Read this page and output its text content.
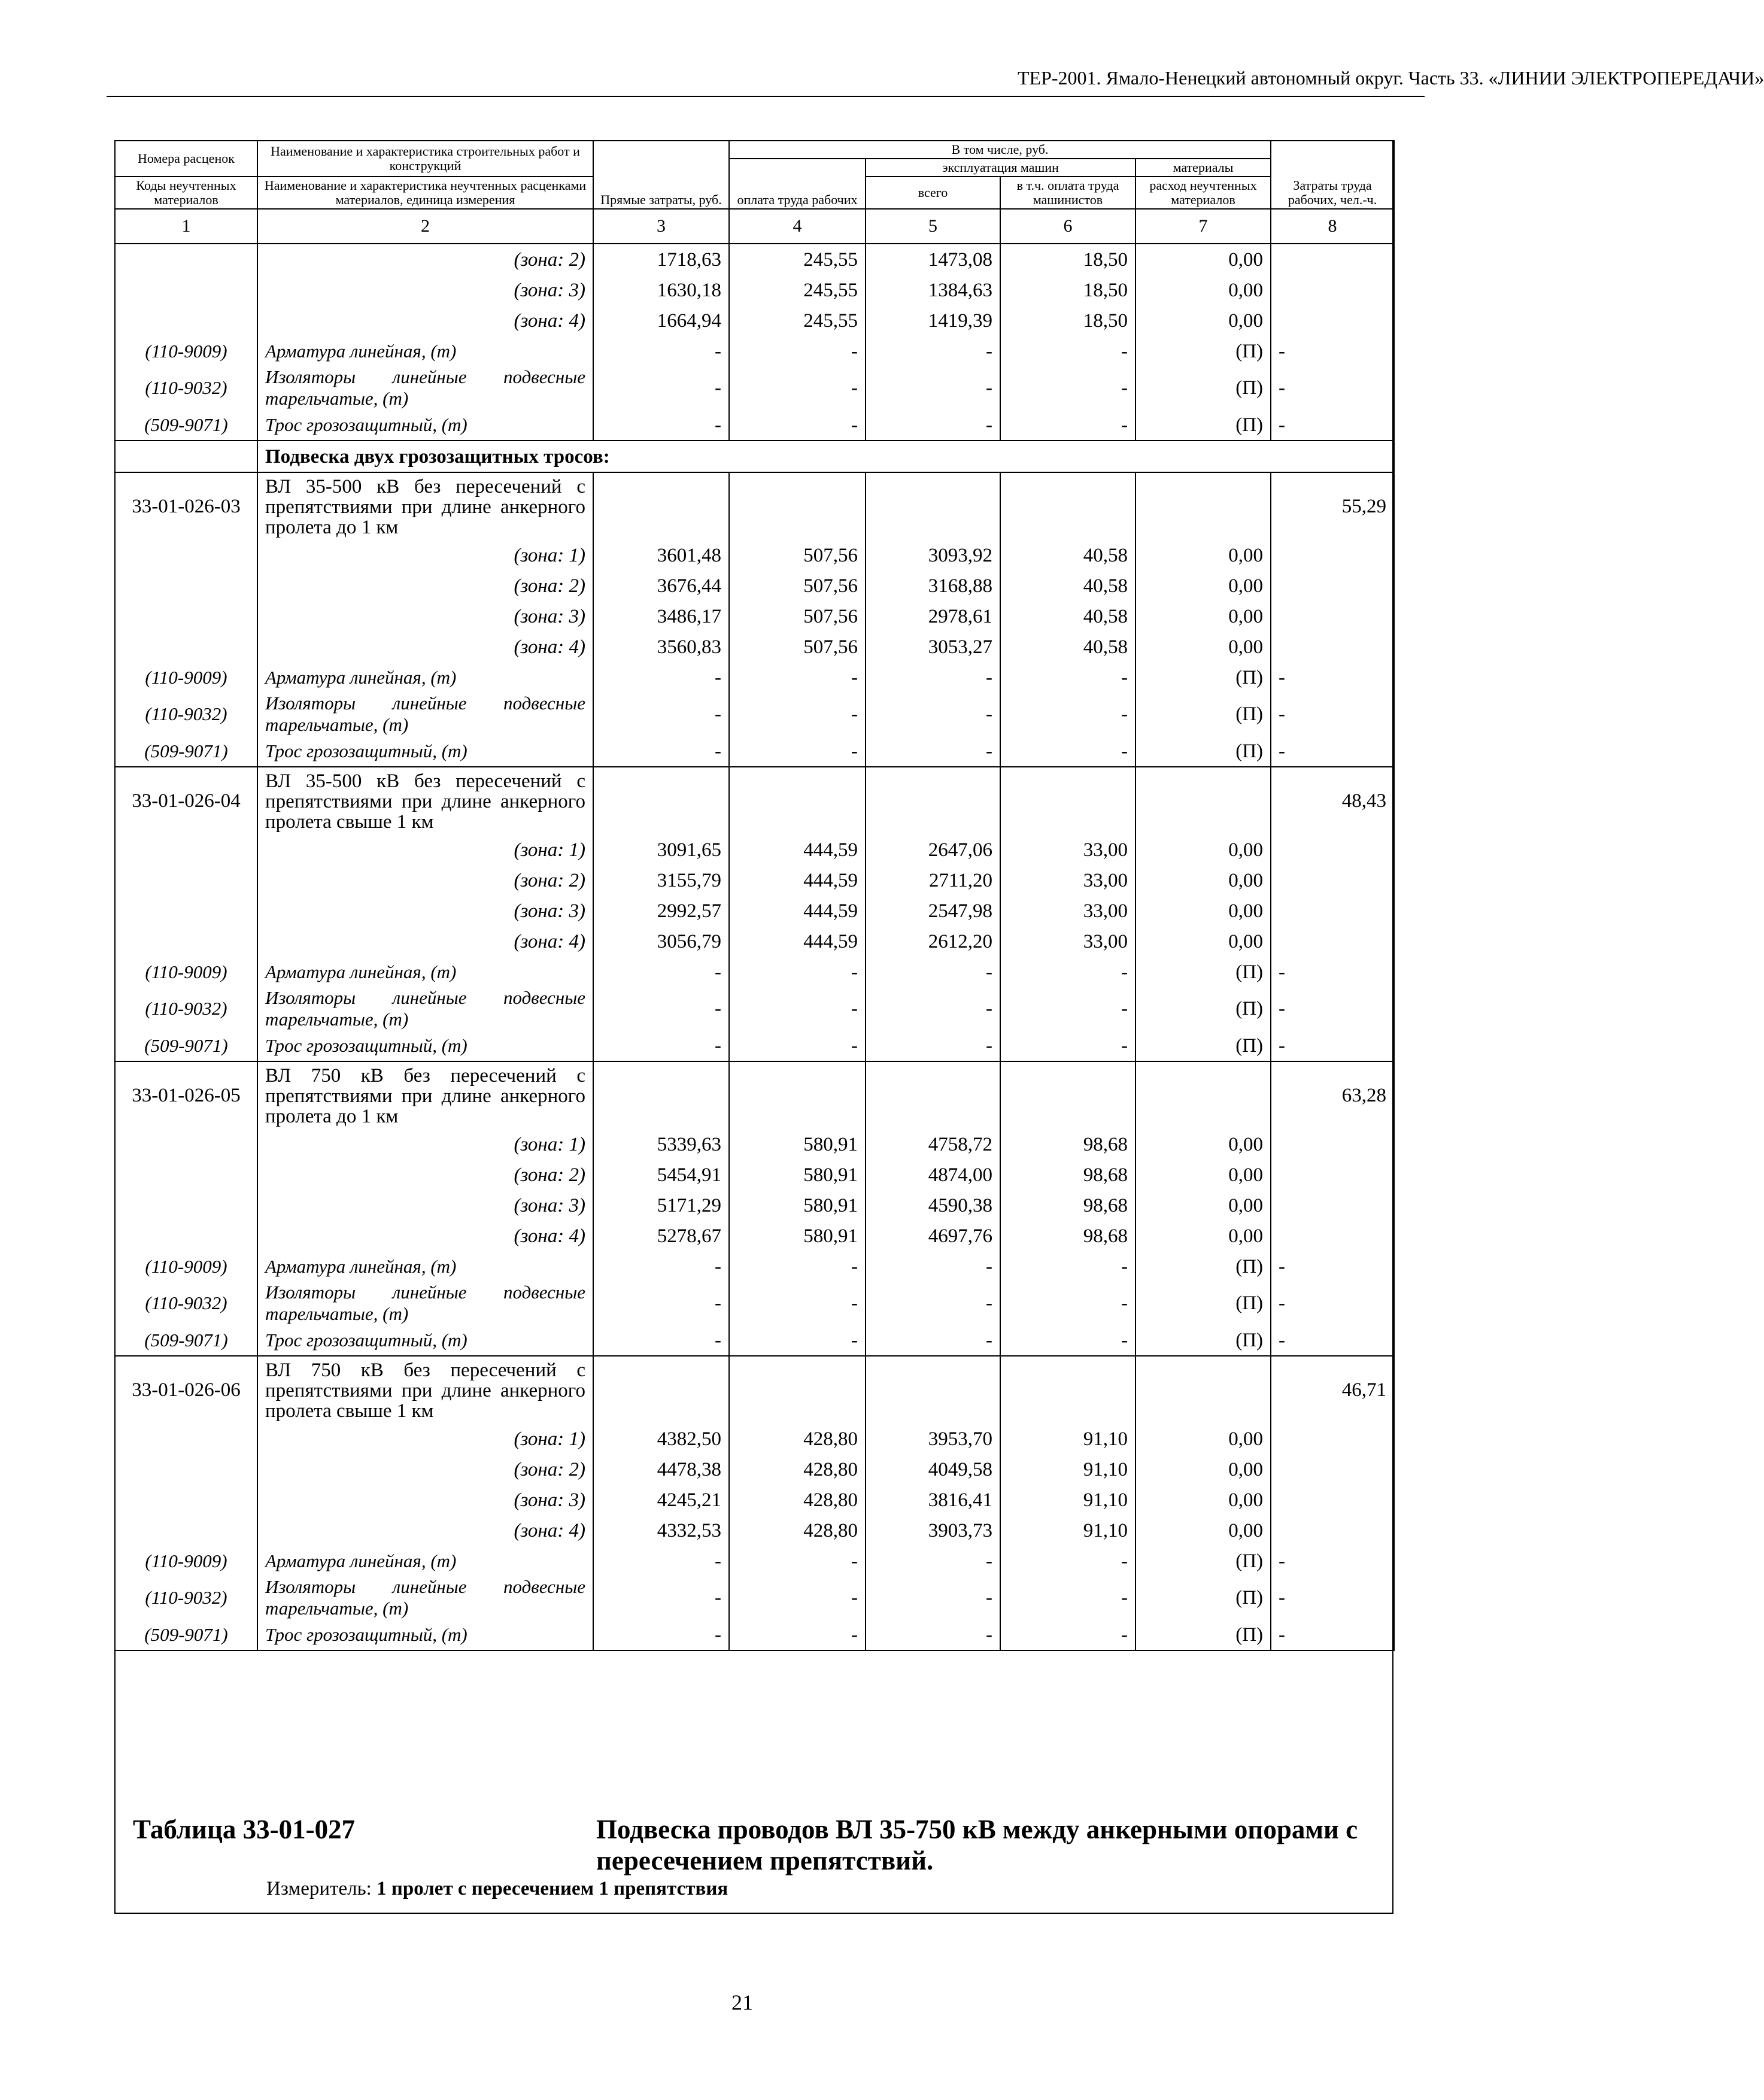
ТЕР-2001. Ямало-Ненецкий автономный округ. Часть 33. «ЛИНИИ ЭЛЕКТРОПЕРЕДАЧИ»
Номера расценок	Наименование и характеристика строительных работ и конструкций	Прямые затраты, руб.	В том числе, руб.				Затраты труда рабочих, чел.-ч.
			оплата труда рабочих	эксплуатация машин		материалы	
Коды неучтенных материалов	Наименование и характеристика неучтенных расценками материалов, единица измерения			всего	в т.ч. оплата труда машинистов	расход неучтенных материалов	
1	2	3	4	5	6	7	8
	(зона: 2)	1718,63	245,55	1473,08	18,50	0,00	
	(зона: 3)	1630,18	245,55	1384,63	18,50	0,00	
	(зона: 4)	1664,94	245,55	1419,39	18,50	0,00	
(110-9009)	Арматура линейная, (т)	-	-	-	-	(П)	-
(110-9032)	Изоляторы линейные подвесные тарельчатые, (т)	-	-	-	-	(П)	-
(509-9071)	Трос грозозащитный, (т)	-	-	-	-	(П)	-
	Подвеска двух грозозащитных тросов:						
33-01-026-03	ВЛ 35-500 кВ без пересечений с препятствиями при длине анкерного пролета до 1 км						55,29
	(зона: 1)	3601,48	507,56	3093,92	40,58	0,00	
	(зона: 2)	3676,44	507,56	3168,88	40,58	0,00	
	(зона: 3)	3486,17	507,56	2978,61	40,58	0,00	
	(зона: 4)	3560,83	507,56	3053,27	40,58	0,00	
(110-9009)	Арматура линейная, (т)	-	-	-	-	(П)	-
(110-9032)	Изоляторы линейные подвесные тарельчатые, (т)	-	-	-	-	(П)	-
(509-9071)	Трос грозозащитный, (т)	-	-	-	-	(П)	-
33-01-026-04	ВЛ 35-500 кВ без пересечений с препятствиями при длине анкерного пролета свыше 1 км						48,43
	(зона: 1)	3091,65	444,59	2647,06	33,00	0,00	
	(зона: 2)	3155,79	444,59	2711,20	33,00	0,00	
	(зона: 3)	2992,57	444,59	2547,98	33,00	0,00	
	(зона: 4)	3056,79	444,59	2612,20	33,00	0,00	
(110-9009)	Арматура линейная, (т)	-	-	-	-	(П)	-
(110-9032)	Изоляторы линейные подвесные тарельчатые, (т)	-	-	-	-	(П)	-
(509-9071)	Трос грозозащитный, (т)	-	-	-	-	(П)	-
33-01-026-05	ВЛ 750 кВ без пересечений с препятствиями при длине анкерного пролета до 1 км						63,28
	(зона: 1)	5339,63	580,91	4758,72	98,68	0,00	
	(зона: 2)	5454,91	580,91	4874,00	98,68	0,00	
	(зона: 3)	5171,29	580,91	4590,38	98,68	0,00	
	(зона: 4)	5278,67	580,91	4697,76	98,68	0,00	
(110-9009)	Арматура линейная, (т)	-	-	-	-	(П)	-
(110-9032)	Изоляторы линейные подвесные тарельчатые, (т)	-	-	-	-	(П)	-
(509-9071)	Трос грозозащитный, (т)	-	-	-	-	(П)	-
33-01-026-06	ВЛ 750 кВ без пересечений с препятствиями при длине анкерного пролета свыше 1 км						46,71
	(зона: 1)	4382,50	428,80	3953,70	91,10	0,00	
	(зона: 2)	4478,38	428,80	4049,58	91,10	0,00	
	(зона: 3)	4245,21	428,80	3816,41	91,10	0,00	
	(зона: 4)	4332,53	428,80	3903,73	91,10	0,00	
(110-9009)	Арматура линейная, (т)	-	-	-	-	(П)	-
(110-9032)	Изоляторы линейные подвесные тарельчатые, (т)	-	-	-	-	(П)	-
(509-9071)	Трос грозозащитный, (т)	-	-	-	-	(П)	-

Таблица 33-01-027	Подвеска проводов ВЛ 35-750 кВ между анкерными опорами с пересечением препятствий.
Измеритель: 1 пролет с пересечением 1 препятствия
21
